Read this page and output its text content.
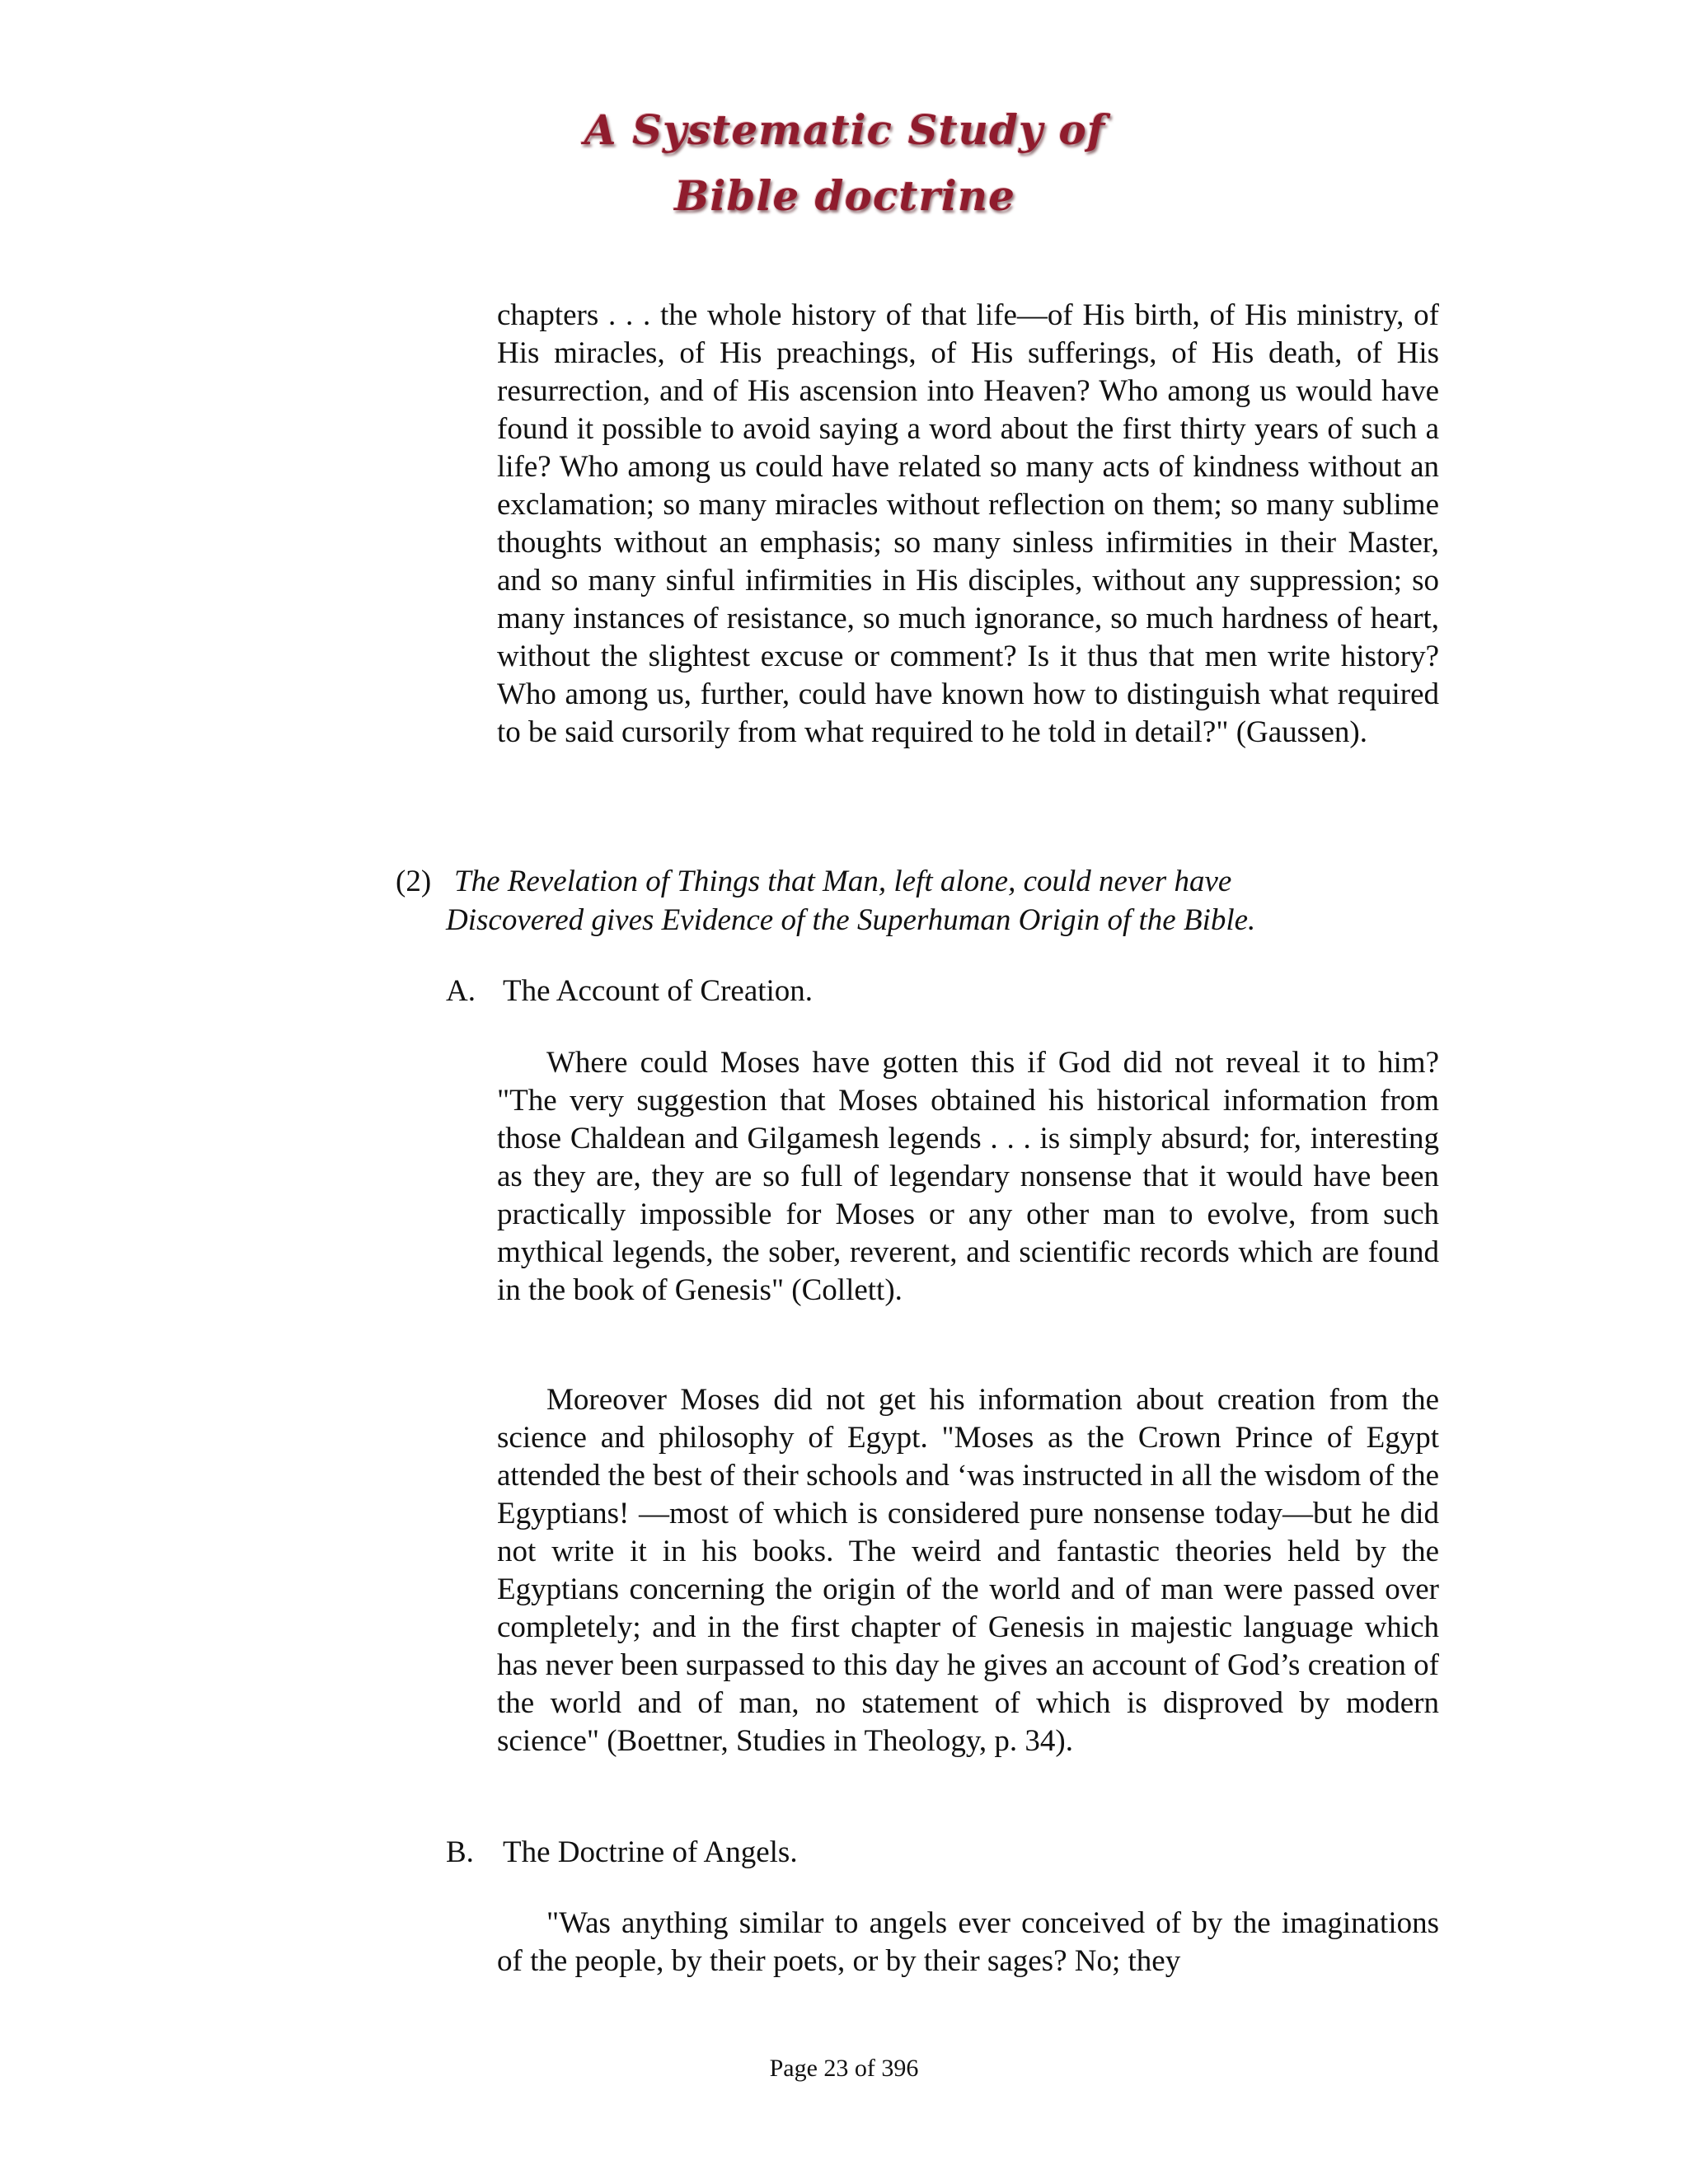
A Systematic Study of
Bible doctrine
chapters . . . the whole history of that life—of His birth, of His ministry, of His miracles, of His preachings, of His sufferings, of His death, of His resurrection, and of His ascension into Heaven? Who among us would have found it possible to avoid saying a word about the first thirty years of such a life? Who among us could have related so many acts of kindness without an exclamation; so many miracles without reflection on them; so many sublime thoughts without an emphasis; so many sinless infirmities in their Master, and so many sinful infirmities in His disciples, without any suppression; so many instances of resistance, so much ignorance, so much hardness of heart, without the slightest excuse or comment? Is it thus that men write history? Who among us, further, could have known how to distinguish what required to be said cursorily from what required to he told in detail?" (Gaussen).
(2) The Revelation of Things that Man, left alone, could never have
Discovered gives Evidence of the Superhuman Origin of the Bible.
A. The Account of Creation.
Where could Moses have gotten this if God did not reveal it to him? "The very suggestion that Moses obtained his historical information from those Chaldean and Gilgamesh legends . . . is simply absurd; for, interesting as they are, they are so full of legendary nonsense that it would have been practically impossible for Moses or any other man to evolve, from such mythical legends, the sober, reverent, and scientific records which are found in the book of Genesis" (Collett).
Moreover Moses did not get his information about creation from the science and philosophy of Egypt. "Moses as the Crown Prince of Egypt attended the best of their schools and ‘was instructed in all the wisdom of the Egyptians! —most of which is considered pure nonsense today—but he did not write it in his books. The weird and fantastic theories held by the Egyptians concerning the origin of the world and of man were passed over completely; and in the first chapter of Genesis in majestic language which has never been surpassed to this day he gives an account of God’s creation of the world and of man, no statement of which is disproved by modern science" (Boettner, Studies in Theology, p. 34).
B. The Doctrine of Angels.
"Was anything similar to angels ever conceived of by the imaginations of the people, by their poets, or by their sages? No; they
Page 23 of 396
